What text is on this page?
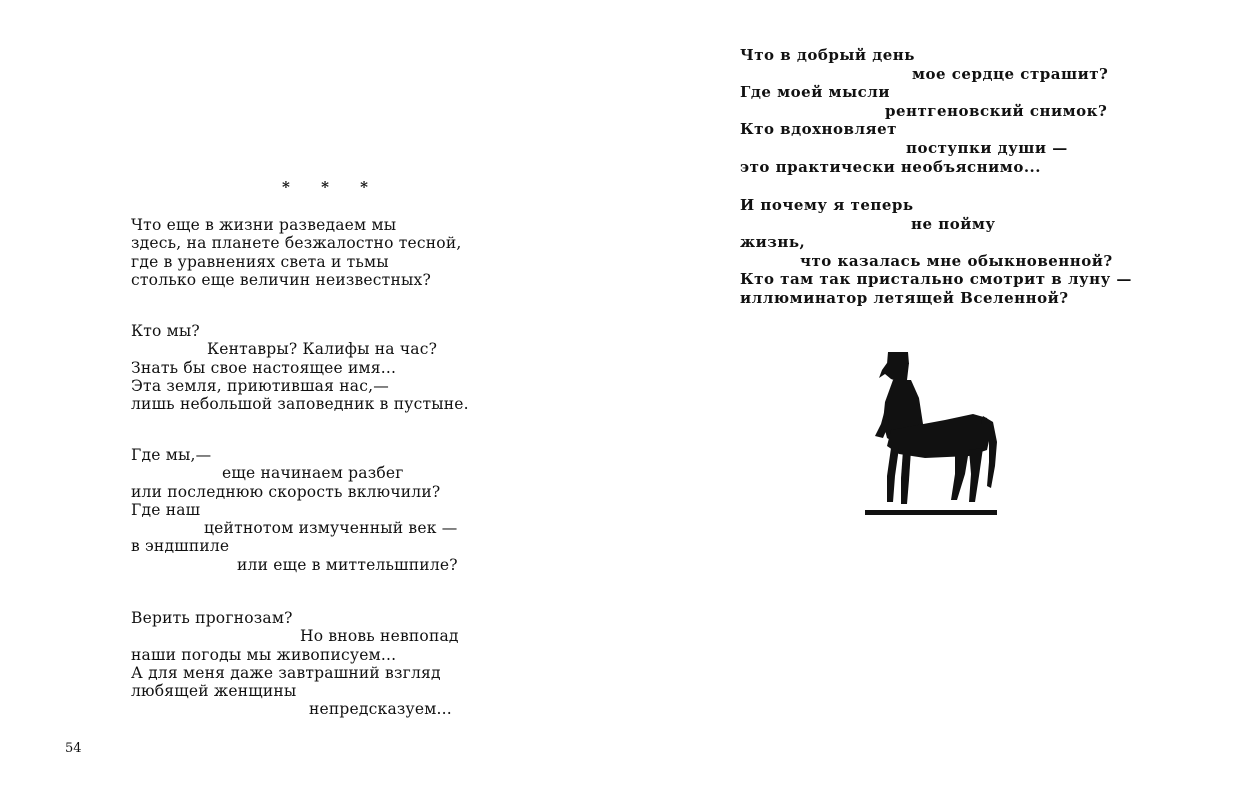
* * *
Что еще в жизни разведаем мы
здесь, на планете безжалостно тесной,
где в уравнениях света и тьмы
столько еще величин неизвестных?
Кто мы?
Кентавры? Калифы на час?
Знать бы свое настоящее имя...
Эта земля, приютившая нас,—
лишь небольшой заповедник в пустыне.
Где мы,—
еще начинаем разбег
или последнюю скорость включили?
Где наш
цейтнотом измученный век —
в эндшпиле
или еще в миттельшпиле?
Верить прогнозам?
Но вновь невпопад
наши погоды мы живописуем...
А для меня даже завтрашний взгляд
любящей женщины
непредсказуем...
54
Что в добрый день
мое сердце страшит?
Где моей мысли
рентгеновский снимок?
Кто вдохновляет
поступки души —
это практически необъяснимо...
И почему я теперь
не пойму
жизнь,
что казалась мне обыкновенной?
Кто там так пристально смотрит в луну —
иллюминатор летящей Вселенной?
